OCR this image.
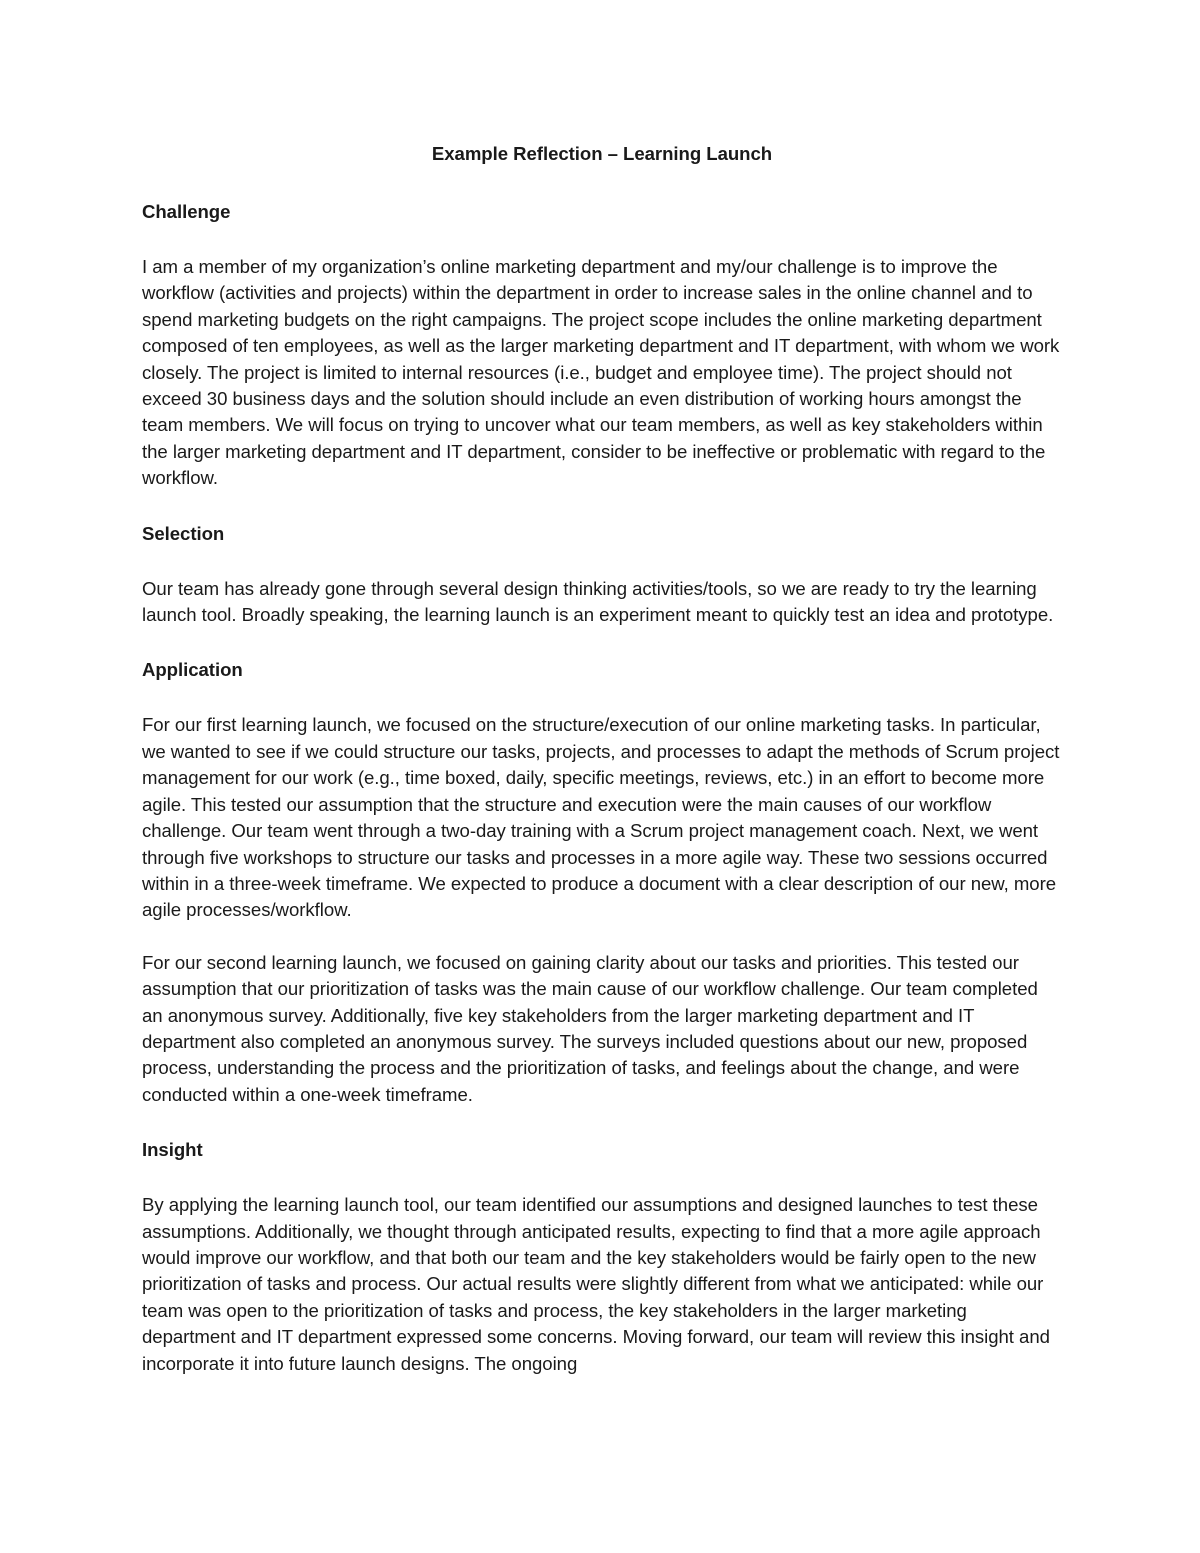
Example Reflection – Learning Launch
Challenge
I am a member of my organization’s online marketing department and my/our challenge is to improve the workflow (activities and projects) within the department in order to increase sales in the online channel and to spend marketing budgets on the right campaigns. The project scope includes the online marketing department composed of ten employees, as well as the larger marketing department and IT department, with whom we work closely. The project is limited to internal resources (i.e., budget and employee time). The project should not exceed 30 business days and the solution should include an even distribution of working hours amongst the team members. We will focus on trying to uncover what our team members, as well as key stakeholders within the larger marketing department and IT department, consider to be ineffective or problematic with regard to the workflow.
Selection
Our team has already gone through several design thinking activities/tools, so we are ready to try the learning launch tool. Broadly speaking, the learning launch is an experiment meant to quickly test an idea and prototype.
Application
For our first learning launch, we focused on the structure/execution of our online marketing tasks. In particular, we wanted to see if we could structure our tasks, projects, and processes to adapt the methods of Scrum project management for our work (e.g., time boxed, daily, specific meetings, reviews, etc.) in an effort to become more agile. This tested our assumption that the structure and execution were the main causes of our workflow challenge. Our team went through a two-day training with a Scrum project management coach. Next, we went through five workshops to structure our tasks and processes in a more agile way. These two sessions occurred within in a three-week timeframe. We expected to produce a document with a clear description of our new, more agile processes/workflow.
For our second learning launch, we focused on gaining clarity about our tasks and priorities. This tested our assumption that our prioritization of tasks was the main cause of our workflow challenge. Our team completed an anonymous survey. Additionally, five key stakeholders from the larger marketing department and IT department also completed an anonymous survey. The surveys included questions about our new, proposed process, understanding the process and the prioritization of tasks, and feelings about the change, and were conducted within a one-week timeframe.
Insight
By applying the learning launch tool, our team identified our assumptions and designed launches to test these assumptions. Additionally, we thought through anticipated results, expecting to find that a more agile approach would improve our workflow, and that both our team and the key stakeholders would be fairly open to the new prioritization of tasks and process. Our actual results were slightly different from what we anticipated: while our team was open to the prioritization of tasks and process, the key stakeholders in the larger marketing department and IT department expressed some concerns. Moving forward, our team will review this insight and incorporate it into future launch designs. The ongoing
